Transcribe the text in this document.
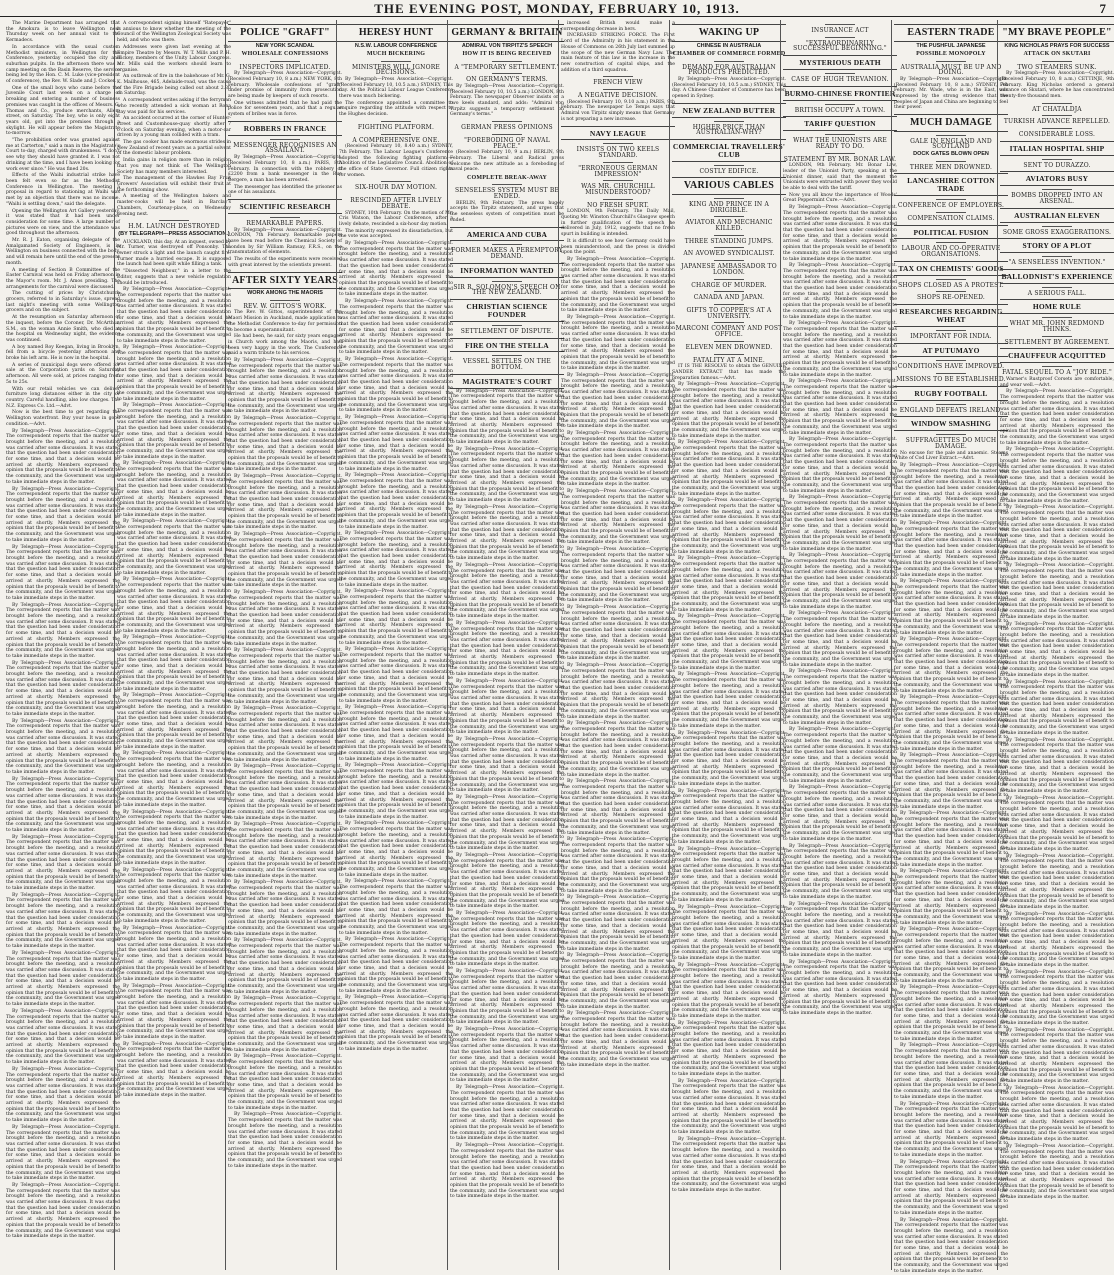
THE EVENING POST, MONDAY, FEBRUARY 10, 1913.	7

The Marine Department has arranged that the Amokura is to leave Wellington next Thursday week on her annual visit to the Kermadecs.

In accordance with the usual custom Methodist ministers, in Wellington for the Conference, yesterday occupied the city and suburban pulpits. In the afternoon there was a camp meeting on the Basin Reserve, the service being led by the Hon. C. M. Luke (vice-president of conference), the Rev. W. Slade and J. Cocker.

One of the small boys who came before the Juvenile Court last week on a charge of breaking and entering a number of business premises was caught in the offices of Messrs. G. Thomas and Co., produce merchants, Allen-street, on Saturday. The boy, who is only eight years old, got into the premises through a skylight. He will appear before the Magistrate to-morrow.

"The prohibition order was granted against me at Carterton," said a man in the Magistrate's Court to-day, charged with drunkenness. "I don't see why they should have granted it. I was not drinking at the time, and I have been looking for work ever since." He was fined 20s.

Effects of the Waihi industrial strike have been felt even so far as the Methodist Conference in Wellington. The meeting a proposal in regard to stationing at Waihi was met by an objection that there was no income. "Waihi is settling down," said the delegate.

Opening the Wellington Art Gallery yesterday, it was stated that it had been under consideration for some time. A large number of pictures were on view, and the attendance was good throughout the afternoon.

Mr. R. J. Eaton, organising delegate of the Amalgamated Society of Engineers, is in Wellington on business connected with the body, and will remain here until the end of the present month.

A meeting of Section B Committee of the Easter Carnival was held on Friday afternoon in the Mayor's room. Mr. J. Amos presiding. The arrangements for the carnival were discussed.

The cutting of prices by Christchurch grocers, referred to in Saturday's issue, spread last night's meeting with some Wellington grocers and on the subject.

At the resumption on Saturday afternoon of the inquest, before the Coroner, Dr. McArthur, S.M., on the woman Annie Smith, who died at the hospital on Wednesday night, the evidence was continued.

A boy named Roy Keegan, living in Brooklyn, fell from a bicycle yesterday afternoon and broke his left arm. He is now in the hospital.

A series of municipal dogs were offered for sale at the Corporation yards on Saturday afternoon. All were sold, at prices ranging from 5s to 25s.

With our retail vehicles we can deliver furniture long distances either in the city or country. Careful handling, also low charges. The N.Z. Express Co. Ltd.—Advt.

Now is the best time to get regarding the Wellington waterfront. Buy your house in good condition.—Advt.

By Telegraph—Press Association—Copyright. The correspondent reports that the matter was brought before the meeting, and a resolution was carried after some discussion. It was stated that the question had been under consideration for some time, and that a decision would be arrived at shortly. Members expressed the opinion that the proposals would be of benefit to the community, and the Government was urged to take immediate steps in the matter.

By Telegraph—Press Association—Copyright. The correspondent reports that the matter was brought before the meeting, and a resolution was carried after some discussion. It was stated that the question had been under consideration for some time, and that a decision would be arrived at shortly. Members expressed the opinion that the proposals would be of benefit to the community, and the Government was urged to take immediate steps in the matter.

By Telegraph—Press Association—Copyright. The correspondent reports that the matter was brought before the meeting, and a resolution was carried after some discussion. It was stated that the question had been under consideration for some time, and that a decision would be arrived at shortly. Members expressed the opinion that the proposals would be of benefit to the community, and the Government was urged to take immediate steps in the matter.

By Telegraph—Press Association—Copyright. The correspondent reports that the matter was brought before the meeting, and a resolution was carried after some discussion. It was stated that the question had been under consideration for some time, and that a decision would be arrived at shortly. Members expressed the opinion that the proposals would be of benefit to the community, and the Government was urged to take immediate steps in the matter.

By Telegraph—Press Association—Copyright. The correspondent reports that the matter was brought before the meeting, and a resolution was carried after some discussion. It was stated that the question had been under consideration for some time, and that a decision would be arrived at shortly. Members expressed the opinion that the proposals would be of benefit to the community, and the Government was urged to take immediate steps in the matter.

By Telegraph—Press Association—Copyright. The correspondent reports that the matter was brought before the meeting, and a resolution was carried after some discussion. It was stated that the question had been under consideration for some time, and that a decision would be arrived at shortly. Members expressed the opinion that the proposals would be of benefit to the community, and the Government was urged to take immediate steps in the matter.

By Telegraph—Press Association—Copyright. The correspondent reports that the matter was brought before the meeting, and a resolution was carried after some discussion. It was stated that the question had been under consideration for some time, and that a decision would be arrived at shortly. Members expressed the opinion that the proposals would be of benefit to the community, and the Government was urged to take immediate steps in the matter.

By Telegraph—Press Association—Copyright. The correspondent reports that the matter was brought before the meeting, and a resolution was carried after some discussion. It was stated that the question had been under consideration for some time, and that a decision would be arrived at shortly. Members expressed the opinion that the proposals would be of benefit to the community, and the Government was urged to take immediate steps in the matter.

By Telegraph—Press Association—Copyright. The correspondent reports that the matter was brought before the meeting, and a resolution was carried after some discussion. It was stated that the question had been under consideration for some time, and that a decision would be arrived at shortly. Members expressed the opinion that the proposals would be of benefit to the community, and the Government was urged to take immediate steps in the matter.

By Telegraph—Press Association—Copyright. The correspondent reports that the matter was brought before the meeting, and a resolution was carried after some discussion. It was stated that the question had been under consideration for some time, and that a decision would be arrived at shortly. Members expressed the opinion that the proposals would be of benefit to the community, and the Government was urged to take immediate steps in the matter.

By Telegraph—Press Association—Copyright. The correspondent reports that the matter was brought before the meeting, and a resolution was carried after some discussion. It was stated that the question had been under consideration for some time, and that a decision would be arrived at shortly. Members expressed the opinion that the proposals would be of benefit to the community, and the Government was urged to take immediate steps in the matter.

By Telegraph—Press Association—Copyright. The correspondent reports that the matter was brought before the meeting, and a resolution was carried after some discussion. It was stated that the question had been under consideration for some time, and that a decision would be arrived at shortly. Members expressed the opinion that the proposals would be of benefit to the community, and the Government was urged to take immediate steps in the matter.

By Telegraph—Press Association—Copyright. The correspondent reports that the matter was brought before the meeting, and a resolution was carried after some discussion. It was stated that the question had been under consideration for some time, and that a decision would be arrived at shortly. Members expressed the opinion that the proposals would be of benefit to the community, and the Government was urged to take immediate steps in the matter.

By Telegraph—Press Association—Copyright. The correspondent reports that the matter was brought before the meeting, and a resolution was carried after some discussion. It was stated that the question had been under consideration for some time, and that a decision would be arrived at shortly. Members expressed the opinion that the proposals would be of benefit to the community, and the Government was urged to take immediate steps in the matter.

A correspondent signing himself "Ratepayer" is anxious to know whether the meeting of the Council of the Wellington Zoological Society was held, and who was there.

Addresses were given last evening at the Empire Theatre by Messrs. W. T. Mills and P. H. Hickey, members of the Unity Labour Congress. Mr. Mills said the workers should learn to organise.

An outbreak of fire in the bakehouse of Mr. G. K. Mailhouse, 465, Adelaide-road, was the cause of the Fire Brigade being called out about 2.30 on Saturday.

A correspondent writes asking if the ferryman who recently attended a sick woman at Rona Bay was paid for his services.

An accident occurred at the corner of Hunter-street and Customhouse-quay shortly after 7 o'clock on Saturday evening, when a motor-car driven by a young man collided with a tram.

The gas cooker has made enormous strides in New Zealand of recent years as a partial solvent of the domestic labour problem.

India gains in religion more than in religion that you may not think of. The Wellington Society has many members interested.

The management of the Hawkes Bay Fruit Growers' Association will exhibit their fruit at the forthcoming show.

A meeting of the Wellington bakers and master-cooks will be held in Barclay's Chambers, Courtenay-place, on Wednesday evening next.

H.M. LAUNCH DESTROYED
(BY TELEGRAPH—PRESS ASSOCIATION.)

AUCKLAND, this day. At an inquest, owned by Mr. Turner, was destroyed off Ponsonby. The owner struck a light and the launch caught fire. Turner made a hurried escape. It is supposed the launch had been spilt while filling a tank.

"Dissected Neighbour," in a letter to the Editor, suggests that a new vehicle regulation should be introduced.

By Telegraph—Press Association—Copyright. The correspondent reports that the matter was brought before the meeting, and a resolution was carried after some discussion. It was stated that the question had been under consideration for some time, and that a decision would be arrived at shortly. Members expressed the opinion that the proposals would be of benefit to the community, and the Government was urged to take immediate steps in the matter.

By Telegraph—Press Association—Copyright. The correspondent reports that the matter was brought before the meeting, and a resolution was carried after some discussion. It was stated that the question had been under consideration for some time, and that a decision would be arrived at shortly. Members expressed the opinion that the proposals would be of benefit to the community, and the Government was urged to take immediate steps in the matter.

By Telegraph—Press Association—Copyright. The correspondent reports that the matter was brought before the meeting, and a resolution was carried after some discussion. It was stated that the question had been under consideration for some time, and that a decision would be arrived at shortly. Members expressed the opinion that the proposals would be of benefit to the community, and the Government was urged to take immediate steps in the matter.

By Telegraph—Press Association—Copyright. The correspondent reports that the matter was brought before the meeting, and a resolution was carried after some discussion. It was stated that the question had been under consideration for some time, and that a decision would be arrived at shortly. Members expressed the opinion that the proposals would be of benefit to the community, and the Government was urged to take immediate steps in the matter.

By Telegraph—Press Association—Copyright. The correspondent reports that the matter was brought before the meeting, and a resolution was carried after some discussion. It was stated that the question had been under consideration for some time, and that a decision would be arrived at shortly. Members expressed the opinion that the proposals would be of benefit to the community, and the Government was urged to take immediate steps in the matter.

By Telegraph—Press Association—Copyright. The correspondent reports that the matter was brought before the meeting, and a resolution was carried after some discussion. It was stated that the question had been under consideration for some time, and that a decision would be arrived at shortly. Members expressed the opinion that the proposals would be of benefit to the community, and the Government was urged to take immediate steps in the matter.

By Telegraph—Press Association—Copyright. The correspondent reports that the matter was brought before the meeting, and a resolution was carried after some discussion. It was stated that the question had been under consideration for some time, and that a decision would be arrived at shortly. Members expressed the opinion that the proposals would be of benefit to the community, and the Government was urged to take immediate steps in the matter.

By Telegraph—Press Association—Copyright. The correspondent reports that the matter was brought before the meeting, and a resolution was carried after some discussion. It was stated that the question had been under consideration for some time, and that a decision would be arrived at shortly. Members expressed the opinion that the proposals would be of benefit to the community, and the Government was urged to take immediate steps in the matter.

By Telegraph—Press Association—Copyright. The correspondent reports that the matter was brought before the meeting, and a resolution was carried after some discussion. It was stated that the question had been under consideration for some time, and that a decision would be arrived at shortly. Members expressed the opinion that the proposals would be of benefit to the community, and the Government was urged to take immediate steps in the matter.

By Telegraph—Press Association—Copyright. The correspondent reports that the matter was brought before the meeting, and a resolution was carried after some discussion. It was stated that the question had been under consideration for some time, and that a decision would be arrived at shortly. Members expressed the opinion that the proposals would be of benefit to the community, and the Government was urged to take immediate steps in the matter.

By Telegraph—Press Association—Copyright. The correspondent reports that the matter was brought before the meeting, and a resolution was carried after some discussion. It was stated that the question had been under consideration for some time, and that a decision would be arrived at shortly. Members expressed the opinion that the proposals would be of benefit to the community, and the Government was urged to take immediate steps in the matter.

By Telegraph—Press Association—Copyright. The correspondent reports that the matter was brought before the meeting, and a resolution was carried after some discussion. It was stated that the question had been under consideration for some time, and that a decision would be arrived at shortly. Members expressed the opinion that the proposals would be of benefit to the community, and the Government was urged to take immediate steps in the matter.

By Telegraph—Press Association—Copyright. The correspondent reports that the matter was brought before the meeting, and a resolution was carried after some discussion. It was stated that the question had been under consideration for some time, and that a decision would be arrived at shortly. Members expressed the opinion that the proposals would be of benefit to the community, and the Government was urged to take immediate steps in the matter.

By Telegraph—Press Association—Copyright. The correspondent reports that the matter was brought before the meeting, and a resolution was carried after some discussion. It was stated that the question had been under consideration for some time, and that a decision would be arrived at shortly. Members expressed the opinion that the proposals would be of benefit to the community, and the Government was urged to take immediate steps in the matter.

POLICE "GRAFT"
NEW YORK SCANDAL
WHOLESALE CONFESSIONS
INSPECTORS IMPLICATED.

By Telegraph—Press Association—Copyright. (Received February 10, 8 a.m.) NEW YORK, 8th February. Wholesale confessions of "graft" under promise of immunity from prosecution are being made by keepers of such resorts.

One witness admitted that he had paid the police for seventeen years, and that a regular system of bribes was in force.

ROBBERS IN FRANCE
MESSENGER RECOGNISES AN ASSAILANT.

By Telegraph—Press Association—Copyright. (Received February 10, 8 a.m.) PARIS, 8th February. In connection with the robbery of £2200 from a bank messenger in the Rue Bergere, a man has been arrested.

The messenger has identified the prisoner as one of his assailants.

SCIENTIFIC RESEARCH
REMARKABLE PAPERS.

By Telegraph—Press Association—Copyright. LONDON, 7th February. Remarkable papers have been read before the Chemical Society of London by Sir William Ramsay, F.R.S., on the transmutation of elements.

The results of the experiments were received with great interest by the scientists present.

AFTER SIXTY YEARS
WORK AMONG THE MAORIS
REV. W. GITTOS'S WORK.

The Rev. W. Gittos, superintendent of the Maori Mission in Auckland, made application to the Methodist Conference to-day for permission to become a superannuitant.

He had been, he said, for sixty years engaged in Church work among the Maoris, and had been very happy in the work. The Conference paid a warm tribute to his services.

By Telegraph—Press Association—Copyright. The correspondent reports that the matter was brought before the meeting, and a resolution was carried after some discussion. It was stated that the question had been under consideration for some time, and that a decision would be arrived at shortly. Members expressed the opinion that the proposals would be of benefit to the community, and the Government was urged to take immediate steps in the matter.

By Telegraph—Press Association—Copyright. The correspondent reports that the matter was brought before the meeting, and a resolution was carried after some discussion. It was stated that the question had been under consideration for some time, and that a decision would be arrived at shortly. Members expressed the opinion that the proposals would be of benefit to the community, and the Government was urged to take immediate steps in the matter.

By Telegraph—Press Association—Copyright. The correspondent reports that the matter was brought before the meeting, and a resolution was carried after some discussion. It was stated that the question had been under consideration for some time, and that a decision would be arrived at shortly. Members expressed the opinion that the proposals would be of benefit to the community, and the Government was urged to take immediate steps in the matter.

By Telegraph—Press Association—Copyright. The correspondent reports that the matter was brought before the meeting, and a resolution was carried after some discussion. It was stated that the question had been under consideration for some time, and that a decision would be arrived at shortly. Members expressed the opinion that the proposals would be of benefit to the community, and the Government was urged to take immediate steps in the matter.

By Telegraph—Press Association—Copyright. The correspondent reports that the matter was brought before the meeting, and a resolution was carried after some discussion. It was stated that the question had been under consideration for some time, and that a decision would be arrived at shortly. Members expressed the opinion that the proposals would be of benefit to the community, and the Government was urged to take immediate steps in the matter.

By Telegraph—Press Association—Copyright. The correspondent reports that the matter was brought before the meeting, and a resolution was carried after some discussion. It was stated that the question had been under consideration for some time, and that a decision would be arrived at shortly. Members expressed the opinion that the proposals would be of benefit to the community, and the Government was urged to take immediate steps in the matter.

By Telegraph—Press Association—Copyright. The correspondent reports that the matter was brought before the meeting, and a resolution was carried after some discussion. It was stated that the question had been under consideration for some time, and that a decision would be arrived at shortly. Members expressed the opinion that the proposals would be of benefit to the community, and the Government was urged to take immediate steps in the matter.

By Telegraph—Press Association—Copyright. The correspondent reports that the matter was brought before the meeting, and a resolution was carried after some discussion. It was stated that the question had been under consideration for some time, and that a decision would be arrived at shortly. Members expressed the opinion that the proposals would be of benefit to the community, and the Government was urged to take immediate steps in the matter.

By Telegraph—Press Association—Copyright. The correspondent reports that the matter was brought before the meeting, and a resolution was carried after some discussion. It was stated that the question had been under consideration for some time, and that a decision would be arrived at shortly. Members expressed the opinion that the proposals would be of benefit to the community, and the Government was urged to take immediate steps in the matter.

By Telegraph—Press Association—Copyright. The correspondent reports that the matter was brought before the meeting, and a resolution was carried after some discussion. It was stated that the question had been under consideration for some time, and that a decision would be arrived at shortly. Members expressed the opinion that the proposals would be of benefit to the community, and the Government was urged to take immediate steps in the matter.

By Telegraph—Press Association—Copyright. The correspondent reports that the matter was brought before the meeting, and a resolution was carried after some discussion. It was stated that the question had been under consideration for some time, and that a decision would be arrived at shortly. Members expressed the opinion that the proposals would be of benefit to the community, and the Government was urged to take immediate steps in the matter.

By Telegraph—Press Association—Copyright. The correspondent reports that the matter was brought before the meeting, and a resolution was carried after some discussion. It was stated that the question had been under consideration for some time, and that a decision would be arrived at shortly. Members expressed the opinion that the proposals would be of benefit to the community, and the Government was urged to take immediate steps in the matter.

By Telegraph—Press Association—Copyright. The correspondent reports that the matter was brought before the meeting, and a resolution was carried after some discussion. It was stated that the question had been under consideration for some time, and that a decision would be arrived at shortly. Members expressed the opinion that the proposals would be of benefit to the community, and the Government was urged to take immediate steps in the matter.

By Telegraph—Press Association—Copyright. The correspondent reports that the matter was brought before the meeting, and a resolution was carried after some discussion. It was stated that the question had been under consideration for some time, and that a decision would be arrived at shortly. Members expressed the opinion that the proposals would be of benefit to the community, and the Government was urged to take immediate steps in the matter.

HERESY HUNT
N.S.W. LABOUR CONFERENCE
MUCH BICKERING
MINISTERS WILL IGNORE DECISIONS.

By Telegraph—Press Association—Copyright. (Received February 10, 10.5 a.m.) SYDNEY, This day. At the Political Labour League Conference there was much bickering.

The conference appointed a committee to enquire regarding the attitude with respect to the Hughes decision.

FIGHTING PLATFORM.
A COMPREHENSIVE ONE.

(Received February 10, 8.40 a.m.) SYDNEY, 7th February. The Labour League's Conference adopted the following fighting platform:— Abolition of the Legislative Council. Abolition of the office of State Governor. Full citizen rights for women.

SIX-HOUR DAY MOTION.
RESCINDED AFTER LIVELY DEBATE.

SYDNEY, 10th February. On the motion of Mr. Cris Watson, the Labour Conference, after a lively debate, rescinded a six-hour day motion.

The minority expressed its dissatisfaction, but the vote was accepted.

By Telegraph—Press Association—Copyright. The correspondent reports that the matter was brought before the meeting, and a resolution was carried after some discussion. It was stated that the question had been under consideration for some time, and that a decision would be arrived at shortly. Members expressed the opinion that the proposals would be of benefit to the community, and the Government was urged to take immediate steps in the matter.

By Telegraph—Press Association—Copyright. The correspondent reports that the matter was brought before the meeting, and a resolution was carried after some discussion. It was stated that the question had been under consideration for some time, and that a decision would be arrived at shortly. Members expressed the opinion that the proposals would be of benefit to the community, and the Government was urged to take immediate steps in the matter.

By Telegraph—Press Association—Copyright. The correspondent reports that the matter was brought before the meeting, and a resolution was carried after some discussion. It was stated that the question had been under consideration for some time, and that a decision would be arrived at shortly. Members expressed the opinion that the proposals would be of benefit to the community, and the Government was urged to take immediate steps in the matter.

By Telegraph—Press Association—Copyright. The correspondent reports that the matter was brought before the meeting, and a resolution was carried after some discussion. It was stated that the question had been under consideration for some time, and that a decision would be arrived at shortly. Members expressed the opinion that the proposals would be of benefit to the community, and the Government was urged to take immediate steps in the matter.

By Telegraph—Press Association—Copyright. The correspondent reports that the matter was brought before the meeting, and a resolution was carried after some discussion. It was stated that the question had been under consideration for some time, and that a decision would be arrived at shortly. Members expressed the opinion that the proposals would be of benefit to the community, and the Government was urged to take immediate steps in the matter.

By Telegraph—Press Association—Copyright. The correspondent reports that the matter was brought before the meeting, and a resolution was carried after some discussion. It was stated that the question had been under consideration for some time, and that a decision would be arrived at shortly. Members expressed the opinion that the proposals would be of benefit to the community, and the Government was urged to take immediate steps in the matter.

By Telegraph—Press Association—Copyright. The correspondent reports that the matter was brought before the meeting, and a resolution was carried after some discussion. It was stated that the question had been under consideration for some time, and that a decision would be arrived at shortly. Members expressed the opinion that the proposals would be of benefit to the community, and the Government was urged to take immediate steps in the matter.

By Telegraph—Press Association—Copyright. The correspondent reports that the matter was brought before the meeting, and a resolution was carried after some discussion. It was stated that the question had been under consideration for some time, and that a decision would be arrived at shortly. Members expressed the opinion that the proposals would be of benefit to the community, and the Government was urged to take immediate steps in the matter.

By Telegraph—Press Association—Copyright. The correspondent reports that the matter was brought before the meeting, and a resolution was carried after some discussion. It was stated that the question had been under consideration for some time, and that a decision would be arrived at shortly. Members expressed the opinion that the proposals would be of benefit to the community, and the Government was urged to take immediate steps in the matter.

By Telegraph—Press Association—Copyright. The correspondent reports that the matter was brought before the meeting, and a resolution was carried after some discussion. It was stated that the question had been under consideration for some time, and that a decision would be arrived at shortly. Members expressed the opinion that the proposals would be of benefit to the community, and the Government was urged to take immediate steps in the matter.

By Telegraph—Press Association—Copyright. The correspondent reports that the matter was brought before the meeting, and a resolution was carried after some discussion. It was stated that the question had been under consideration for some time, and that a decision would be arrived at shortly. Members expressed the opinion that the proposals would be of benefit to the community, and the Government was urged to take immediate steps in the matter.

By Telegraph—Press Association—Copyright. The correspondent reports that the matter was brought before the meeting, and a resolution was carried after some discussion. It was stated that the question had been under consideration for some time, and that a decision would be arrived at shortly. Members expressed the opinion that the proposals would be of benefit to the community, and the Government was urged to take immediate steps in the matter.

By Telegraph—Press Association—Copyright. The correspondent reports that the matter was brought before the meeting, and a resolution was carried after some discussion. It was stated that the question had been under consideration for some time, and that a decision would be arrived at shortly. Members expressed the opinion that the proposals would be of benefit to the community, and the Government was urged to take immediate steps in the matter.

By Telegraph—Press Association—Copyright. The correspondent reports that the matter was brought before the meeting, and a resolution was carried after some discussion. It was stated that the question had been under consideration for some time, and that a decision would be arrived at shortly. Members expressed the opinion that the proposals would be of benefit to the community, and the Government was urged to take immediate steps in the matter.

GERMANY & BRITAIN
ADMIRAL VON TIRPITZ'S SPEECH
HOW IT IS BEING RECEIVED
A "TEMPORARY SETTLEMENT."
ON GERMANY'S TERMS.

By Telegraph—Press Association—Copyright. (Received February 10, 10.5 a.m.) LONDON, 8th February. The newspaper Observer insists on a two keels standard, and adds: "Admiral von Tirpitz suggests a temporary settlement on Germany's terms."

GERMAN PRESS OPINIONS
"FOREBODING OF NAVAL PEACE."

(Received February 10, 9 a.m.) BERLIN, 9th February. The Liberal and Radical press welcome the new attitude as a foreboding of naval peace.

COMPLETE BREAK-AWAY
SENSELESS SYSTEM MUST BE ENDED.

BERLIN, 9th February. The press hugely accepts the Tirpitz statement, and urges that the senseless system of competition must be ended.

AMERICA AND CUBA
FORMER MAKES A PEREMPTORY DEMAND.
INFORMATION WANTED
SIR R. SOLOMON'S SPEECH ON THE NEW ZEALAND.
CHRISTIAN SCIENCE FOUNDER
SETTLEMENT OF DISPUTE.
FIRE ON THE STELLA
VESSEL SETTLES ON THE BOTTOM.
MAGISTRATE'S COURT

By Telegraph—Press Association—Copyright. The correspondent reports that the matter was brought before the meeting, and a resolution was carried after some discussion. It was stated that the question had been under consideration for some time, and that a decision would be arrived at shortly. Members expressed the opinion that the proposals would be of benefit to the community, and the Government was urged to take immediate steps in the matter.

By Telegraph—Press Association—Copyright. The correspondent reports that the matter was brought before the meeting, and a resolution was carried after some discussion. It was stated that the question had been under consideration for some time, and that a decision would be arrived at shortly. Members expressed the opinion that the proposals would be of benefit to the community, and the Government was urged to take immediate steps in the matter.

By Telegraph—Press Association—Copyright. The correspondent reports that the matter was brought before the meeting, and a resolution was carried after some discussion. It was stated that the question had been under consideration for some time, and that a decision would be arrived at shortly. Members expressed the opinion that the proposals would be of benefit to the community, and the Government was urged to take immediate steps in the matter.

By Telegraph—Press Association—Copyright. The correspondent reports that the matter was brought before the meeting, and a resolution was carried after some discussion. It was stated that the question had been under consideration for some time, and that a decision would be arrived at shortly. Members expressed the opinion that the proposals would be of benefit to the community, and the Government was urged to take immediate steps in the matter.

By Telegraph—Press Association—Copyright. The correspondent reports that the matter was brought before the meeting, and a resolution was carried after some discussion. It was stated that the question had been under consideration for some time, and that a decision would be arrived at shortly. Members expressed the opinion that the proposals would be of benefit to the community, and the Government was urged to take immediate steps in the matter.

By Telegraph—Press Association—Copyright. The correspondent reports that the matter was brought before the meeting, and a resolution was carried after some discussion. It was stated that the question had been under consideration for some time, and that a decision would be arrived at shortly. Members expressed the opinion that the proposals would be of benefit to the community, and the Government was urged to take immediate steps in the matter.

By Telegraph—Press Association—Copyright. The correspondent reports that the matter was brought before the meeting, and a resolution was carried after some discussion. It was stated that the question had been under consideration for some time, and that a decision would be arrived at shortly. Members expressed the opinion that the proposals would be of benefit to the community, and the Government was urged to take immediate steps in the matter.

By Telegraph—Press Association—Copyright. The correspondent reports that the matter was brought before the meeting, and a resolution was carried after some discussion. It was stated that the question had been under consideration for some time, and that a decision would be arrived at shortly. Members expressed the opinion that the proposals would be of benefit to the community, and the Government was urged to take immediate steps in the matter.

By Telegraph—Press Association—Copyright. The correspondent reports that the matter was brought before the meeting, and a resolution was carried after some discussion. It was stated that the question had been under consideration for some time, and that a decision would be arrived at shortly. Members expressed the opinion that the proposals would be of benefit to the community, and the Government was urged to take immediate steps in the matter.

By Telegraph—Press Association—Copyright. The correspondent reports that the matter was brought before the meeting, and a resolution was carried after some discussion. It was stated that the question had been under consideration for some time, and that a decision would be arrived at shortly. Members expressed the opinion that the proposals would be of benefit to the community, and the Government was urged to take immediate steps in the matter.

By Telegraph—Press Association—Copyright. The correspondent reports that the matter was brought before the meeting, and a resolution was carried after some discussion. It was stated that the question had been under consideration for some time, and that a decision would be arrived at shortly. Members expressed the opinion that the proposals would be of benefit to the community, and the Government was urged to take immediate steps in the matter.

By Telegraph—Press Association—Copyright. The correspondent reports that the matter was brought before the meeting, and a resolution was carried after some discussion. It was stated that the question had been under consideration for some time, and that a decision would be arrived at shortly. Members expressed the opinion that the proposals would be of benefit to the community, and the Government was urged to take immediate steps in the matter.

By Telegraph—Press Association—Copyright. The correspondent reports that the matter was brought before the meeting, and a resolution was carried after some discussion. It was stated that the question had been under consideration for some time, and that a decision would be arrived at shortly. Members expressed the opinion that the proposals would be of benefit to the community, and the Government was urged to take immediate steps in the matter.

By Telegraph—Press Association—Copyright. The correspondent reports that the matter was brought before the meeting, and a resolution was carried after some discussion. It was stated that the question had been under consideration for some time, and that a decision would be arrived at shortly. Members expressed the opinion that the proposals would be of benefit to the community, and the Government was urged to take immediate steps in the matter.

increased British would make a corresponding decrease in hers.

INCREASED STRIKING FORCE. The First Lord of the Admiralty in his statement in the House of Commons on 26th July last summed up the scope of the new German Navy Law. The main feature of this law is the increase in the new construction of capital ships, and the addition of a third squadron.

FRENCH VIEW
A NEGATIVE DECISION.

(Received February 10, 9.10 a.m.) PARIS, 9th February. The newspaper Le Temps says that Admiral von Tirpitz simply means that Germany is not preparing a new increase.

NAVY LEAGUE
INSISTS ON TWO KEELS STANDARD.
"ERRONEOUS GERMAN IMPRESSION"
WAS MR. CHURCHILL MISUNDERSTOOD?
NO FRESH SPURT.

LONDON, 9th February. The Daily Mail, quoting Mr. Winston Churchill's Glasgow speech in further qualification of the speech he delivered in July, 1912, suggests that no fresh spurt in building is intended.

It is difficult to see how Germany could have been misunderstood, and the press is divided upon the point.

By Telegraph—Press Association—Copyright. The correspondent reports that the matter was brought before the meeting, and a resolution was carried after some discussion. It was stated that the question had been under consideration for some time, and that a decision would be arrived at shortly. Members expressed the opinion that the proposals would be of benefit to the community, and the Government was urged to take immediate steps in the matter.

By Telegraph—Press Association—Copyright. The correspondent reports that the matter was brought before the meeting, and a resolution was carried after some discussion. It was stated that the question had been under consideration for some time, and that a decision would be arrived at shortly. Members expressed the opinion that the proposals would be of benefit to the community, and the Government was urged to take immediate steps in the matter.

By Telegraph—Press Association—Copyright. The correspondent reports that the matter was brought before the meeting, and a resolution was carried after some discussion. It was stated that the question had been under consideration for some time, and that a decision would be arrived at shortly. Members expressed the opinion that the proposals would be of benefit to the community, and the Government was urged to take immediate steps in the matter.

By Telegraph—Press Association—Copyright. The correspondent reports that the matter was brought before the meeting, and a resolution was carried after some discussion. It was stated that the question had been under consideration for some time, and that a decision would be arrived at shortly. Members expressed the opinion that the proposals would be of benefit to the community, and the Government was urged to take immediate steps in the matter.

By Telegraph—Press Association—Copyright. The correspondent reports that the matter was brought before the meeting, and a resolution was carried after some discussion. It was stated that the question had been under consideration for some time, and that a decision would be arrived at shortly. Members expressed the opinion that the proposals would be of benefit to the community, and the Government was urged to take immediate steps in the matter.

By Telegraph—Press Association—Copyright. The correspondent reports that the matter was brought before the meeting, and a resolution was carried after some discussion. It was stated that the question had been under consideration for some time, and that a decision would be arrived at shortly. Members expressed the opinion that the proposals would be of benefit to the community, and the Government was urged to take immediate steps in the matter.

By Telegraph—Press Association—Copyright. The correspondent reports that the matter was brought before the meeting, and a resolution was carried after some discussion. It was stated that the question had been under consideration for some time, and that a decision would be arrived at shortly. Members expressed the opinion that the proposals would be of benefit to the community, and the Government was urged to take immediate steps in the matter.

By Telegraph—Press Association—Copyright. The correspondent reports that the matter was brought before the meeting, and a resolution was carried after some discussion. It was stated that the question had been under consideration for some time, and that a decision would be arrived at shortly. Members expressed the opinion that the proposals would be of benefit to the community, and the Government was urged to take immediate steps in the matter.

By Telegraph—Press Association—Copyright. The correspondent reports that the matter was brought before the meeting, and a resolution was carried after some discussion. It was stated that the question had been under consideration for some time, and that a decision would be arrived at shortly. Members expressed the opinion that the proposals would be of benefit to the community, and the Government was urged to take immediate steps in the matter.

By Telegraph—Press Association—Copyright. The correspondent reports that the matter was brought before the meeting, and a resolution was carried after some discussion. It was stated that the question had been under consideration for some time, and that a decision would be arrived at shortly. Members expressed the opinion that the proposals would be of benefit to the community, and the Government was urged to take immediate steps in the matter.

By Telegraph—Press Association—Copyright. The correspondent reports that the matter was brought before the meeting, and a resolution was carried after some discussion. It was stated that the question had been under consideration for some time, and that a decision would be arrived at shortly. Members expressed the opinion that the proposals would be of benefit to the community, and the Government was urged to take immediate steps in the matter.

By Telegraph—Press Association—Copyright. The correspondent reports that the matter was brought before the meeting, and a resolution was carried after some discussion. It was stated that the question had been under consideration for some time, and that a decision would be arrived at shortly. Members expressed the opinion that the proposals would be of benefit to the community, and the Government was urged to take immediate steps in the matter.

By Telegraph—Press Association—Copyright. The correspondent reports that the matter was brought before the meeting, and a resolution was carried after some discussion. It was stated that the question had been under consideration for some time, and that a decision would be arrived at shortly. Members expressed the opinion that the proposals would be of benefit to the community, and the Government was urged to take immediate steps in the matter.

By Telegraph—Press Association—Copyright. The correspondent reports that the matter was brought before the meeting, and a resolution was carried after some discussion. It was stated that the question had been under consideration for some time, and that a decision would be arrived at shortly. Members expressed the opinion that the proposals would be of benefit to the community, and the Government was urged to take immediate steps in the matter.

WAKING UP
CHINESE IN AUSTRALIA
CHAMBER OF COMMERCE FORMED
DEMAND FOR AUSTRALIAN PRODUCTS PREDICTED.

By Telegraph—Press Association—Copyright. (Received February 10, 10.5 a.m.) SYDNEY, This day. A Chinese Chamber of Commerce has been opened in Sydney.

NEW ZEALAND BUTTER
HIGHER PRICE THAN AUSTRALIAN-WHY?
COMMERCIAL TRAVELLERS' CLUB
COSTLY EDIFICE.
VARIOUS CABLES
KING AND PRINCE IN A DIRIGIBLE.
AVIATOR AND MECHANIC KILLED.
THREE STANDING JUMPS.
AN AVOWED SYNDICALIST.
JAPANESE AMBASSADOR TO LONDON.
CHARGE OF MURDER.
CANADA AND JAPAN.
GIFTS TO COPPER'S AT A UNIVERSITY.
MARCONI COMPANY AND POST OFFICE.
ELEVEN MEN DROWNED.
FATALITY AT A MINE.

IT IS THE RESOLVE to obtain the GENUINE SANDER EXTRACT that has made the preparation famous.—Advt.

By Telegraph—Press Association—Copyright. The correspondent reports that the matter was brought before the meeting, and a resolution was carried after some discussion. It was stated that the question had been under consideration for some time, and that a decision would be arrived at shortly. Members expressed the opinion that the proposals would be of benefit to the community, and the Government was urged to take immediate steps in the matter.

By Telegraph—Press Association—Copyright. The correspondent reports that the matter was brought before the meeting, and a resolution was carried after some discussion. It was stated that the question had been under consideration for some time, and that a decision would be arrived at shortly. Members expressed the opinion that the proposals would be of benefit to the community, and the Government was urged to take immediate steps in the matter.

By Telegraph—Press Association—Copyright. The correspondent reports that the matter was brought before the meeting, and a resolution was carried after some discussion. It was stated that the question had been under consideration for some time, and that a decision would be arrived at shortly. Members expressed the opinion that the proposals would be of benefit to the community, and the Government was urged to take immediate steps in the matter.

By Telegraph—Press Association—Copyright. The correspondent reports that the matter was brought before the meeting, and a resolution was carried after some discussion. It was stated that the question had been under consideration for some time, and that a decision would be arrived at shortly. Members expressed the opinion that the proposals would be of benefit to the community, and the Government was urged to take immediate steps in the matter.

By Telegraph—Press Association—Copyright. The correspondent reports that the matter was brought before the meeting, and a resolution was carried after some discussion. It was stated that the question had been under consideration for some time, and that a decision would be arrived at shortly. Members expressed the opinion that the proposals would be of benefit to the community, and the Government was urged to take immediate steps in the matter.

By Telegraph—Press Association—Copyright. The correspondent reports that the matter was brought before the meeting, and a resolution was carried after some discussion. It was stated that the question had been under consideration for some time, and that a decision would be arrived at shortly. Members expressed the opinion that the proposals would be of benefit to the community, and the Government was urged to take immediate steps in the matter.

By Telegraph—Press Association—Copyright. The correspondent reports that the matter was brought before the meeting, and a resolution was carried after some discussion. It was stated that the question had been under consideration for some time, and that a decision would be arrived at shortly. Members expressed the opinion that the proposals would be of benefit to the community, and the Government was urged to take immediate steps in the matter.

By Telegraph—Press Association—Copyright. The correspondent reports that the matter was brought before the meeting, and a resolution was carried after some discussion. It was stated that the question had been under consideration for some time, and that a decision would be arrived at shortly. Members expressed the opinion that the proposals would be of benefit to the community, and the Government was urged to take immediate steps in the matter.

By Telegraph—Press Association—Copyright. The correspondent reports that the matter was brought before the meeting, and a resolution was carried after some discussion. It was stated that the question had been under consideration for some time, and that a decision would be arrived at shortly. Members expressed the opinion that the proposals would be of benefit to the community, and the Government was urged to take immediate steps in the matter.

By Telegraph—Press Association—Copyright. The correspondent reports that the matter was brought before the meeting, and a resolution was carried after some discussion. It was stated that the question had been under consideration for some time, and that a decision would be arrived at shortly. Members expressed the opinion that the proposals would be of benefit to the community, and the Government was urged to take immediate steps in the matter.

By Telegraph—Press Association—Copyright. The correspondent reports that the matter was brought before the meeting, and a resolution was carried after some discussion. It was stated that the question had been under consideration for some time, and that a decision would be arrived at shortly. Members expressed the opinion that the proposals would be of benefit to the community, and the Government was urged to take immediate steps in the matter.

By Telegraph—Press Association—Copyright. The correspondent reports that the matter was brought before the meeting, and a resolution was carried after some discussion. It was stated that the question had been under consideration for some time, and that a decision would be arrived at shortly. Members expressed the opinion that the proposals would be of benefit to the community, and the Government was urged to take immediate steps in the matter.

By Telegraph—Press Association—Copyright. The correspondent reports that the matter was brought before the meeting, and a resolution was carried after some discussion. It was stated that the question had been under consideration for some time, and that a decision would be arrived at shortly. Members expressed the opinion that the proposals would be of benefit to the community, and the Government was urged to take immediate steps in the matter.

By Telegraph—Press Association—Copyright. The correspondent reports that the matter was brought before the meeting, and a resolution was carried after some discussion. It was stated that the question had been under consideration for some time, and that a decision would be arrived at shortly. Members expressed the opinion that the proposals would be of benefit to the community, and the Government was urged to take immediate steps in the matter.

INSURANCE ACT
"EXTRAORDINARILY SUCCESSFUL BEGINNING."
MYSTERIOUS DEATH
CASE OF HUGH TREVANION.
BURMO-CHINESE FRONTIER
BRITISH OCCUPY A TOWN.
TARIFF QUESTION
WHAT THE UNIONISTS ARE READY TO DO.
STATEMENT BY MR. BONAR LAW.

LONDON, 9th February. Mr. Bonar Law, leader of the Unionist Party, speaking at the Unionist dinner, said that the moment the Unionists were entrusted with power they would be able to deal with the tariff.

Now you all know the importance of Woods' Great Peppermint Cure.—Advt.

By Telegraph—Press Association—Copyright. The correspondent reports that the matter was brought before the meeting, and a resolution was carried after some discussion. It was stated that the question had been under consideration for some time, and that a decision would be arrived at shortly. Members expressed the opinion that the proposals would be of benefit to the community, and the Government was urged to take immediate steps in the matter.

By Telegraph—Press Association—Copyright. The correspondent reports that the matter was brought before the meeting, and a resolution was carried after some discussion. It was stated that the question had been under consideration for some time, and that a decision would be arrived at shortly. Members expressed the opinion that the proposals would be of benefit to the community, and the Government was urged to take immediate steps in the matter.

By Telegraph—Press Association—Copyright. The correspondent reports that the matter was brought before the meeting, and a resolution was carried after some discussion. It was stated that the question had been under consideration for some time, and that a decision would be arrived at shortly. Members expressed the opinion that the proposals would be of benefit to the community, and the Government was urged to take immediate steps in the matter.

By Telegraph—Press Association—Copyright. The correspondent reports that the matter was brought before the meeting, and a resolution was carried after some discussion. It was stated that the question had been under consideration for some time, and that a decision would be arrived at shortly. Members expressed the opinion that the proposals would be of benefit to the community, and the Government was urged to take immediate steps in the matter.

By Telegraph—Press Association—Copyright. The correspondent reports that the matter was brought before the meeting, and a resolution was carried after some discussion. It was stated that the question had been under consideration for some time, and that a decision would be arrived at shortly. Members expressed the opinion that the proposals would be of benefit to the community, and the Government was urged to take immediate steps in the matter.

By Telegraph—Press Association—Copyright. The correspondent reports that the matter was brought before the meeting, and a resolution was carried after some discussion. It was stated that the question had been under consideration for some time, and that a decision would be arrived at shortly. Members expressed the opinion that the proposals would be of benefit to the community, and the Government was urged to take immediate steps in the matter.

By Telegraph—Press Association—Copyright. The correspondent reports that the matter was brought before the meeting, and a resolution was carried after some discussion. It was stated that the question had been under consideration for some time, and that a decision would be arrived at shortly. Members expressed the opinion that the proposals would be of benefit to the community, and the Government was urged to take immediate steps in the matter.

By Telegraph—Press Association—Copyright. The correspondent reports that the matter was brought before the meeting, and a resolution was carried after some discussion. It was stated that the question had been under consideration for some time, and that a decision would be arrived at shortly. Members expressed the opinion that the proposals would be of benefit to the community, and the Government was urged to take immediate steps in the matter.

By Telegraph—Press Association—Copyright. The correspondent reports that the matter was brought before the meeting, and a resolution was carried after some discussion. It was stated that the question had been under consideration for some time, and that a decision would be arrived at shortly. Members expressed the opinion that the proposals would be of benefit to the community, and the Government was urged to take immediate steps in the matter.

By Telegraph—Press Association—Copyright. The correspondent reports that the matter was brought before the meeting, and a resolution was carried after some discussion. It was stated that the question had been under consideration for some time, and that a decision would be arrived at shortly. Members expressed the opinion that the proposals would be of benefit to the community, and the Government was urged to take immediate steps in the matter.

By Telegraph—Press Association—Copyright. The correspondent reports that the matter was brought before the meeting, and a resolution was carried after some discussion. It was stated that the question had been under consideration for some time, and that a decision would be arrived at shortly. Members expressed the opinion that the proposals would be of benefit to the community, and the Government was urged to take immediate steps in the matter.

By Telegraph—Press Association—Copyright. The correspondent reports that the matter was brought before the meeting, and a resolution was carried after some discussion. It was stated that the question had been under consideration for some time, and that a decision would be arrived at shortly. Members expressed the opinion that the proposals would be of benefit to the community, and the Government was urged to take immediate steps in the matter.

By Telegraph—Press Association—Copyright. The correspondent reports that the matter was brought before the meeting, and a resolution was carried after some discussion. It was stated that the question had been under consideration for some time, and that a decision would be arrived at shortly. Members expressed the opinion that the proposals would be of benefit to the community, and the Government was urged to take immediate steps in the matter.

By Telegraph—Press Association—Copyright. The correspondent reports that the matter was brought before the meeting, and a resolution was carried after some discussion. It was stated that the question had been under consideration for some time, and that a decision would be arrived at shortly. Members expressed the opinion that the proposals would be of benefit to the community, and the Government was urged to take immediate steps in the matter.

EASTERN TRADE
THE PUSHFUL JAPANESE
POSSIBLE MONOPOLY
AUSTRALIA MUST BE UP AND DOING.

By Telegraph—Press Association—Copyright. (Received February 10, 8 a.m.) SYDNEY, 7th February. Mr. Wade, who is in the East, was impressed by the strong evidence that the peoples of Japan and China are beginning to feel their power.

MUCH DAMAGE
GALE IN ENGLAND AND SCOTLAND
DOCK GATES BLOWN OPEN
THREE MEN DROWNED.
LANCASHIRE COTTON TRADE
CONFERENCE OF EMPLOYERS.
COMPENSATION CLAIMS.
POLITICAL FUSION
LABOUR AND CO-OPERATIVE ORGANISATIONS.
TAX ON CHEMISTS' GOODS
SHOPS CLOSED AS A PROTEST.
SHOPS RE-OPENED.
RESEARCHES REGARDING WHEAT
IMPORTANT FOR INDIA.
AT PUTUMAYO
CONDITIONS HAVE IMPROVED.
MISSIONS TO BE ESTABLISHED.
RUGBY FOOTBALL
ENGLAND DEFEATS IRELAND.
WINDOW SMASHING
SUFFRAGETTES DO MUCH DAMAGE.

No excuse for the pale and anaemic. Steams White of Cod Liver Extract.—Advt.

By Telegraph—Press Association—Copyright. The correspondent reports that the matter was brought before the meeting, and a resolution was carried after some discussion. It was stated that the question had been under consideration for some time, and that a decision would be arrived at shortly. Members expressed the opinion that the proposals would be of benefit to the community, and the Government was urged to take immediate steps in the matter.

By Telegraph—Press Association—Copyright. The correspondent reports that the matter was brought before the meeting, and a resolution was carried after some discussion. It was stated that the question had been under consideration for some time, and that a decision would be arrived at shortly. Members expressed the opinion that the proposals would be of benefit to the community, and the Government was urged to take immediate steps in the matter.

By Telegraph—Press Association—Copyright. The correspondent reports that the matter was brought before the meeting, and a resolution was carried after some discussion. It was stated that the question had been under consideration for some time, and that a decision would be arrived at shortly. Members expressed the opinion that the proposals would be of benefit to the community, and the Government was urged to take immediate steps in the matter.

By Telegraph—Press Association—Copyright. The correspondent reports that the matter was brought before the meeting, and a resolution was carried after some discussion. It was stated that the question had been under consideration for some time, and that a decision would be arrived at shortly. Members expressed the opinion that the proposals would be of benefit to the community, and the Government was urged to take immediate steps in the matter.

By Telegraph—Press Association—Copyright. The correspondent reports that the matter was brought before the meeting, and a resolution was carried after some discussion. It was stated that the question had been under consideration for some time, and that a decision would be arrived at shortly. Members expressed the opinion that the proposals would be of benefit to the community, and the Government was urged to take immediate steps in the matter.

By Telegraph—Press Association—Copyright. The correspondent reports that the matter was brought before the meeting, and a resolution was carried after some discussion. It was stated that the question had been under consideration for some time, and that a decision would be arrived at shortly. Members expressed the opinion that the proposals would be of benefit to the community, and the Government was urged to take immediate steps in the matter.

By Telegraph—Press Association—Copyright. The correspondent reports that the matter was brought before the meeting, and a resolution was carried after some discussion. It was stated that the question had been under consideration for some time, and that a decision would be arrived at shortly. Members expressed the opinion that the proposals would be of benefit to the community, and the Government was urged to take immediate steps in the matter.

By Telegraph—Press Association—Copyright. The correspondent reports that the matter was brought before the meeting, and a resolution was carried after some discussion. It was stated that the question had been under consideration for some time, and that a decision would be arrived at shortly. Members expressed the opinion that the proposals would be of benefit to the community, and the Government was urged to take immediate steps in the matter.

By Telegraph—Press Association—Copyright. The correspondent reports that the matter was brought before the meeting, and a resolution was carried after some discussion. It was stated that the question had been under consideration for some time, and that a decision would be arrived at shortly. Members expressed the opinion that the proposals would be of benefit to the community, and the Government was urged to take immediate steps in the matter.

By Telegraph—Press Association—Copyright. The correspondent reports that the matter was brought before the meeting, and a resolution was carried after some discussion. It was stated that the question had been under consideration for some time, and that a decision would be arrived at shortly. Members expressed the opinion that the proposals would be of benefit to the community, and the Government was urged to take immediate steps in the matter.

By Telegraph—Press Association—Copyright. The correspondent reports that the matter was brought before the meeting, and a resolution was carried after some discussion. It was stated that the question had been under consideration for some time, and that a decision would be arrived at shortly. Members expressed the opinion that the proposals would be of benefit to the community, and the Government was urged to take immediate steps in the matter.

By Telegraph—Press Association—Copyright. The correspondent reports that the matter was brought before the meeting, and a resolution was carried after some discussion. It was stated that the question had been under consideration for some time, and that a decision would be arrived at shortly. Members expressed the opinion that the proposals would be of benefit to the community, and the Government was urged to take immediate steps in the matter.

By Telegraph—Press Association—Copyright. The correspondent reports that the matter was brought before the meeting, and a resolution was carried after some discussion. It was stated that the question had been under consideration for some time, and that a decision would be arrived at shortly. Members expressed the opinion that the proposals would be of benefit to the community, and the Government was urged to take immediate steps in the matter.

By Telegraph—Press Association—Copyright. The correspondent reports that the matter was brought before the meeting, and a resolution was carried after some discussion. It was stated that the question had been under consideration for some time, and that a decision would be arrived at shortly. Members expressed the opinion that the proposals would be of benefit to the community, and the Government was urged to take immediate steps in the matter.

"MY BRAVE PEOPLE"
KING NICHOLAS PRAYS FOR SUCCESS
ATTACK ON SKUTARI
TWO STEAMERS SUNK.

By Telegraph—Press Association—Copyright. (Received February 10, 8 a.m.) CETTINJE, 9th February. King Nicholas ordered a general advance on Skutari, where he has concentrated twenty-five thousand men.

AT CHATALDJA
TURKISH ADVANCE REPELLED.
CONSIDERABLE LOSS.
ITALIAN HOSPITAL SHIP
SENT TO DURAZZO.
AVIATORS BUSY
BOMBS DROPPED INTO AN ARSENAL.
AUSTRALIAN ELEVEN
SOME GROSS EXAGGERATIONS.
STORY OF A PLOT
"A SENSELESS INVENTION."
BALLODNIST'S EXPERIENCE
A SERIOUS FALL.
HOME RULE
WHAT MR. JOHN REDMOND THINKS.
SETTLEMENT BY AGREEMENT.
CHAUFFEUR ACQUITTED
FATAL SEQUEL TO A "JOY RIDE."

Warner's Rustproof Corsets are comfortable, and wear well.—Advt.

By Telegraph—Press Association—Copyright. The correspondent reports that the matter was brought before the meeting, and a resolution was carried after some discussion. It was stated that the question had been under consideration for some time, and that a decision would be arrived at shortly. Members expressed the opinion that the proposals would be of benefit to the community, and the Government was urged to take immediate steps in the matter.

By Telegraph—Press Association—Copyright. The correspondent reports that the matter was brought before the meeting, and a resolution was carried after some discussion. It was stated that the question had been under consideration for some time, and that a decision would be arrived at shortly. Members expressed the opinion that the proposals would be of benefit to the community, and the Government was urged to take immediate steps in the matter.

By Telegraph—Press Association—Copyright. The correspondent reports that the matter was brought before the meeting, and a resolution was carried after some discussion. It was stated that the question had been under consideration for some time, and that a decision would be arrived at shortly. Members expressed the opinion that the proposals would be of benefit to the community, and the Government was urged to take immediate steps in the matter.

By Telegraph—Press Association—Copyright. The correspondent reports that the matter was brought before the meeting, and a resolution was carried after some discussion. It was stated that the question had been under consideration for some time, and that a decision would be arrived at shortly. Members expressed the opinion that the proposals would be of benefit to the community, and the Government was urged to take immediate steps in the matter.

By Telegraph—Press Association—Copyright. The correspondent reports that the matter was brought before the meeting, and a resolution was carried after some discussion. It was stated that the question had been under consideration for some time, and that a decision would be arrived at shortly. Members expressed the opinion that the proposals would be of benefit to the community, and the Government was urged to take immediate steps in the matter.

By Telegraph—Press Association—Copyright. The correspondent reports that the matter was brought before the meeting, and a resolution was carried after some discussion. It was stated that the question had been under consideration for some time, and that a decision would be arrived at shortly. Members expressed the opinion that the proposals would be of benefit to the community, and the Government was urged to take immediate steps in the matter.

By Telegraph—Press Association—Copyright. The correspondent reports that the matter was brought before the meeting, and a resolution was carried after some discussion. It was stated that the question had been under consideration for some time, and that a decision would be arrived at shortly. Members expressed the opinion that the proposals would be of benefit to the community, and the Government was urged to take immediate steps in the matter.

By Telegraph—Press Association—Copyright. The correspondent reports that the matter was brought before the meeting, and a resolution was carried after some discussion. It was stated that the question had been under consideration for some time, and that a decision would be arrived at shortly. Members expressed the opinion that the proposals would be of benefit to the community, and the Government was urged to take immediate steps in the matter.

By Telegraph—Press Association—Copyright. The correspondent reports that the matter was brought before the meeting, and a resolution was carried after some discussion. It was stated that the question had been under consideration for some time, and that a decision would be arrived at shortly. Members expressed the opinion that the proposals would be of benefit to the community, and the Government was urged to take immediate steps in the matter.

By Telegraph—Press Association—Copyright. The correspondent reports that the matter was brought before the meeting, and a resolution was carried after some discussion. It was stated that the question had been under consideration for some time, and that a decision would be arrived at shortly. Members expressed the opinion that the proposals would be of benefit to the community, and the Government was urged to take immediate steps in the matter.

By Telegraph—Press Association—Copyright. The correspondent reports that the matter was brought before the meeting, and a resolution was carried after some discussion. It was stated that the question had been under consideration for some time, and that a decision would be arrived at shortly. Members expressed the opinion that the proposals would be of benefit to the community, and the Government was urged to take immediate steps in the matter.

By Telegraph—Press Association—Copyright. The correspondent reports that the matter was brought before the meeting, and a resolution was carried after some discussion. It was stated that the question had been under consideration for some time, and that a decision would be arrived at shortly. Members expressed the opinion that the proposals would be of benefit to the community, and the Government was urged to take immediate steps in the matter.

By Telegraph—Press Association—Copyright. The correspondent reports that the matter was brought before the meeting, and a resolution was carried after some discussion. It was stated that the question had been under consideration for some time, and that a decision would be arrived at shortly. Members expressed the opinion that the proposals would be of benefit to the community, and the Government was urged to take immediate steps in the matter.

By Telegraph—Press Association—Copyright. The correspondent reports that the matter was brought before the meeting, and a resolution was carried after some discussion. It was stated that the question had been under consideration for some time, and that a decision would be arrived at shortly. Members expressed the opinion that the proposals would be of benefit to the community, and the Government was urged to take immediate steps in the matter.
